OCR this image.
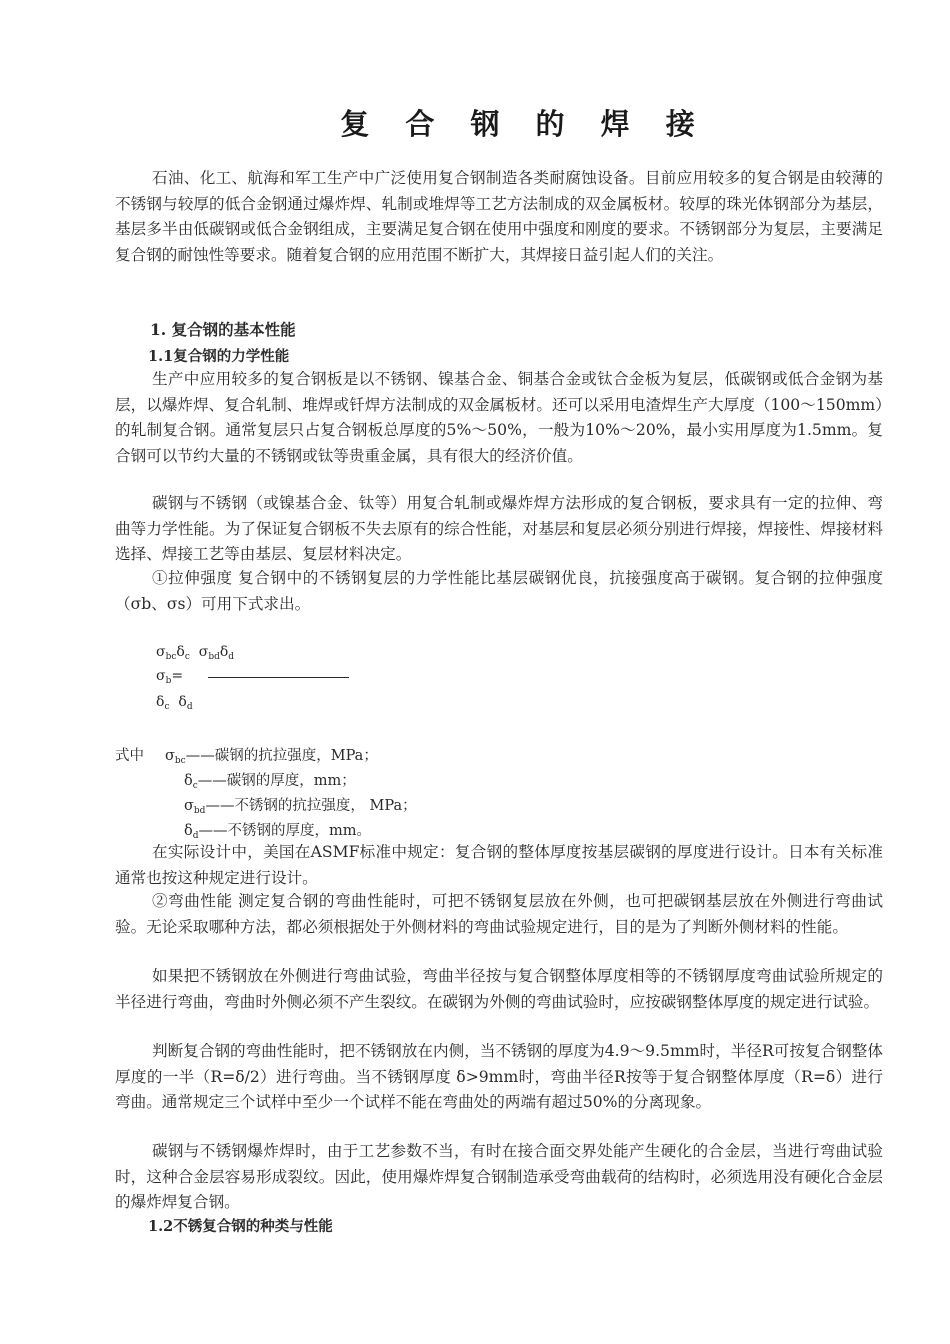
复 合 钢 的 焊 接
石油、化工、航海和军工生产中广泛使用复合钢制造各类耐腐蚀设备。目前应用较多的复合钢是由较薄的不锈钢与较厚的低合金钢通过爆炸焊、轧制或堆焊等工艺方法制成的双金属板材。较厚的珠光体钢部分为基层，基层多半由低碳钢或低合金钢组成，主要满足复合钢在使用中强度和刚度的要求。不锈钢部分为复层，主要满足复合钢的耐蚀性等要求。随着复合钢的应用范围不断扩大，其焊接日益引起人们的关注。
1. 复合钢的基本性能
1.1复合钢的力学性能
生产中应用较多的复合钢板是以不锈钢、镍基合金、铜基合金或钛合金板为复层，低碳钢或低合金钢为基层，以爆炸焊、复合轧制、堆焊或钎焊方法制成的双金属板材。还可以采用电渣焊生产大厚度（100～150mm）的轧制复合钢。通常复层只占复合钢板总厚度的5%～50%，一般为10%～20%，最小实用厚度为1.5mm。复合钢可以节约大量的不锈钢或钛等贵重金属，具有很大的经济价值。
碳钢与不锈钢（或镍基合金、钛等）用复合轧制或爆炸焊方法形成的复合钢板，要求具有一定的拉伸、弯曲等力学性能。为了保证复合钢板不失去原有的综合性能，对基层和复层必须分别进行焊接，焊接性、焊接材料选择、焊接工艺等由基层、复层材料决定。
①拉伸强度 复合钢中的不锈钢复层的力学性能比基层碳钢优良，抗接强度高于碳钢。复合钢的拉伸强度（σb、σs）可用下式求出。
$\sigma_{bc}\delta_c$ $\sigma_{bd}\delta_d$
$\sigma_b=$
$\delta_c$ $\delta_d$
式中 $\sigma_{bc}——$碳钢的抗拉强度，MPa；
$\delta_c——$碳钢的厚度，mm；
$\sigma_{bd}——$不锈钢的抗拉强度， MPa；
$\delta_d——$不锈钢的厚度，mm。
在实际设计中，美国在ASMF标准中规定：复合钢的整体厚度按基层碳钢的厚度进行设计。日本有关标准通常也按这种规定进行设计。
②弯曲性能 测定复合钢的弯曲性能时，可把不锈钢复层放在外侧，也可把碳钢基层放在外侧进行弯曲试验。无论采取哪种方法，都必须根据处于外侧材料的弯曲试验规定进行，目的是为了判断外侧材料的性能。
如果把不锈钢放在外侧进行弯曲试验，弯曲半径按与复合钢整体厚度相等的不锈钢厚度弯曲试验所规定的半径进行弯曲，弯曲时外侧必须不产生裂纹。在碳钢为外侧的弯曲试验时，应按碳钢整体厚度的规定进行试验。
判断复合钢的弯曲性能时，把不锈钢放在内侧，当不锈钢的厚度为4.9～9.5mm时，半径R可按复合钢整体厚度的一半（R=δ/2）进行弯曲。当不锈钢厚度 δ>9mm时，弯曲半径R按等于复合钢整体厚度（R=δ）进行弯曲。通常规定三个试样中至少一个试样不能在弯曲处的两端有超过50%的分离现象。
碳钢与不锈钢爆炸焊时，由于工艺参数不当，有时在接合面交界处能产生硬化的合金层，当进行弯曲试验时，这种合金层容易形成裂纹。因此，使用爆炸焊复合钢制造承受弯曲载荷的结构时，必须选用没有硬化合金层的爆炸焊复合钢。
1.2不锈复合钢的种类与性能
